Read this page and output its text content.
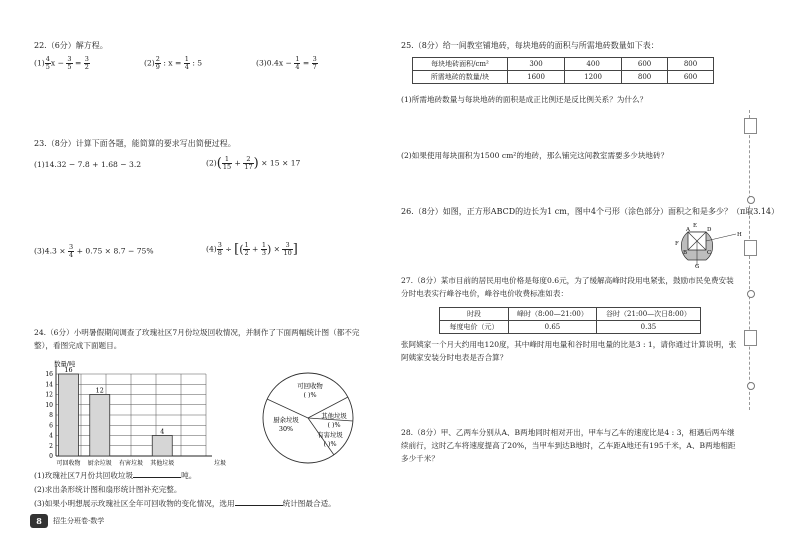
22.（6分）解方程。
$(1) \frac{4}{5}$ $x - \frac{3}{5} = \frac{3}{2}$	$(2) \frac{2}{9}$ : $x = \frac{1}{4}$ : 5	$(3)0.4x - \frac{1}{4} = \frac{3}{7}$
23.（8分）计算下面各题，能简算的要求写出简便过程。
(1)14.32 − 7.8 + 1.68 − 3.2	$(2)( \frac{1}{15} + \frac{2}{17}$ ) × 15 × 17
$(3)4.3 \times \frac{3}{4} + 0.75 \times 8.7 - 75\%$	$(4) \frac{3}{8}$ ÷ [( $\frac{1}{2} + \frac{1}{3}$ ) × $\frac{3}{10}$ ]
24.（6分）小明暑假期间调查了玫瑰社区7月份垃圾回收情况，并制作了下面两幅统计图（都不完整），看图完成下面题目。
0
2
4
6
8
10
12
14
16
数量/吨
16
可回收物
12
厨余垃圾 有害垃圾
4
其他垃圾	垃圾
可回收物
( )%
厨余垃圾
30%
其他垃圾
( )%
有害垃圾
( )%
(1)玫瑰社区7月份共回收垃圾	吨。
(2)求出条形统计图和扇形统计图补充完整。
(3)如果小明想展示玫瑰社区全年可回收物的变化情况，选用	统计图最合适。
8	招生分班卷·数学
25.（8分）给一间教室铺地砖，每块地砖的面积与所需地砖数量如下表：
每块地砖面积/cm²	300	400	600	800
所需地砖的数量/块	1600	1200	800	600
(1)所需地砖数量与每块地砖的面积是成正比例还是反比例关系？为什么？
(2)如果使用每块面积为1500 cm²的地砖，那么铺完这间教室需要多少块地砖？
26.（8分）如图，正方形ABCD的边长为1 cm，图中4个弓形（涂色部分）面积之和是多少？（π取3.14）
E
A	D
H
F
B	C
G
27.（8分）某市目前的居民用电价格是每度0.6元，为了缓解高峰时段用电紧张，鼓励市民免费安装分时电表实行峰谷电价，峰谷电价收费标准如表：
时段	峰时（8:00—21:00）	谷时（21:00—次日8:00）
每度电价（元）	0.65	0.35
张阿姨家一个月大约用电120度，其中峰时用电量和谷时用电量的比是3 : 1，请你通过计算说明，张阿姨家安装分时电表是否合算？
28.（8分）甲、乙两车分别从A、B两地同时相对开出，甲车与乙车的速度比是4 : 3，相遇后两车继续前行，这时乙车将速度提高了20%，当甲车到达B地时，乙车距A地还有195千米，A、B两地相距多少千米？
